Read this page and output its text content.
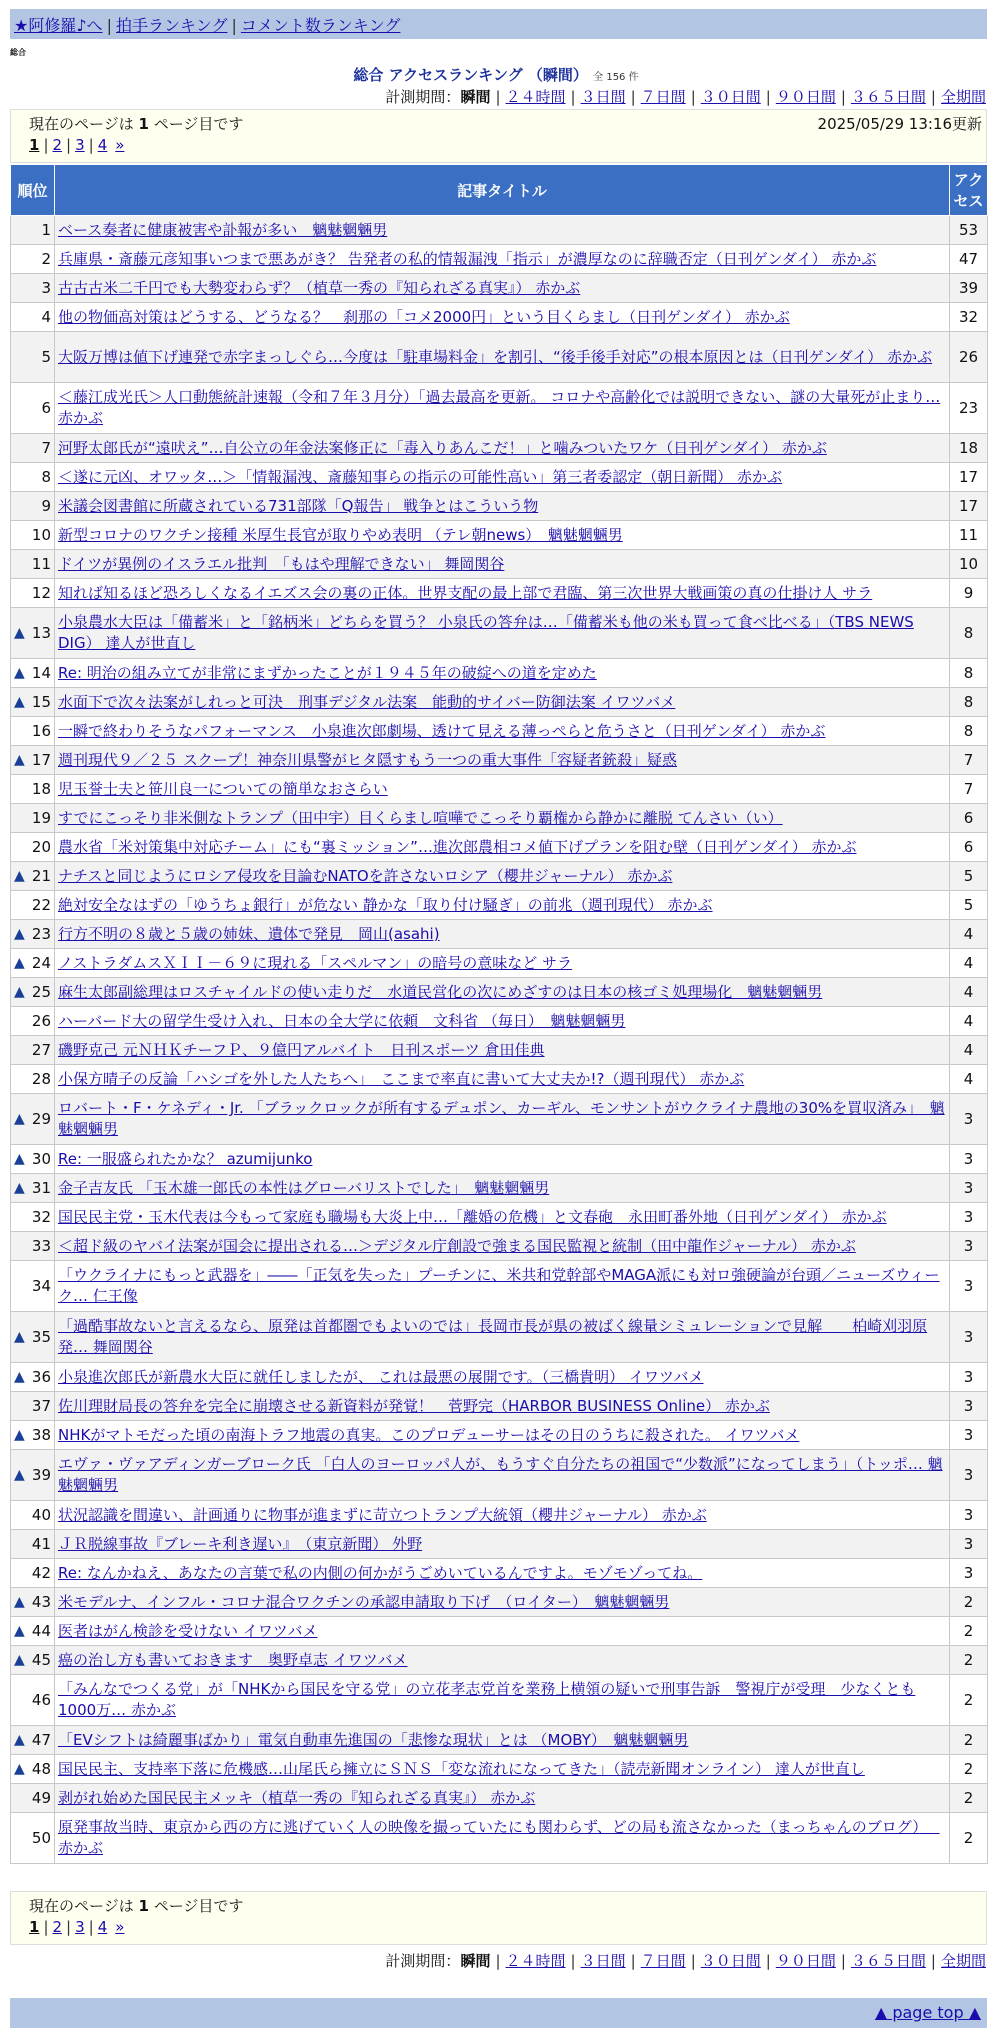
★阿修羅♪へ | 拍手ランキング | コメント数ランキング
総合
総合 アクセスランキング （瞬間） 全 156 件
計測期間：瞬間 | ２４時間 | ３日間 | ７日間 | ３０日間 | ９０日間 | ３６５日間 | 全期間
現在のページは 1 ページ目です	2025/05/29 13:16更新
1 | 2 | 3 | 4 »
順位	記事タイトル	アクセス
1	ベース奏者に健康被害や訃報が多い　魑魅魍魎男	53
2	兵庫県・斎藤元彦知事いつまで悪あがき？ 告発者の私的情報漏洩「指示」が濃厚なのに辞職否定（日刊ゲンダイ） 赤かぶ	47
3	古古古米二千円でも大勢変わらず？（植草一秀の『知られざる真実』） 赤かぶ	39
4	他の物価高対策はどうする、どうなる？　刹那の「コメ2000円」という目くらまし（日刊ゲンダイ） 赤かぶ	32
5	大阪万博は値下げ連発で赤字まっしぐら…今度は「駐車場料金」を割引、“後手後手対応”の根本原因とは（日刊ゲンダイ） 赤かぶ	26
6	＜藤江成光氏＞人口動態統計速報（令和７年３月分）「過去最高を更新。 コロナや高齢化では説明できない、謎の大量死が止まり… 赤かぶ	23
7	河野太郎氏が“遠吠え”…自公立の年金法案修正に「毒入りあんこだ！」と噛みついたワケ（日刊ゲンダイ） 赤かぶ	18
8	＜遂に元凶、オワッタ…＞「情報漏洩、斎藤知事らの指示の可能性高い」第三者委認定（朝日新聞） 赤かぶ	17
9	米議会図書館に所蔵されている731部隊「Q報告」 戦争とはこういう物	17
10	新型コロナのワクチン接種 米厚生長官が取りやめ表明 （テレ朝news）　魑魅魍魎男	11
11	ドイツが異例のイスラエル批判　「もはや理解できない」 舞岡関谷	10
12	知れば知るほど恐ろしくなるイエズス会の裏の正体。世界支配の最上部で君臨、第三次世界大戦画策の真の仕掛け人 サラ	9

▲ 13	小泉農水大臣は「備蓄米」と「銘柄米」どちらを買う？ 小泉氏の答弁は…「備蓄米も他の米も買って食べ比べる」（TBS NEWS DIG） 達人が世直し	8

▲ 14	Re: 明治の組み立てが非常にまずかったことが１９４５年の破綻への道を定めた	8

▲ 15	水面下で次々法案がしれっと可決　刑事デジタル法案　能動的サイバー防御法案 イワツバメ	8
16	一瞬で終わりそうなパフォーマンス　小泉進次郎劇場、透けて見える薄っぺらと危うさと（日刊ゲンダイ） 赤かぶ	8

▲ 17	週刊現代９／２５ スクープ！神奈川県警がヒタ隠すもう一つの重大事件「容疑者銃殺」疑惑	7
18	児玉誉士夫と笹川良一についての簡単なおさらい	7
19	すでにこっそり非米側なトランプ（田中宇）目くらまし喧嘩でこっそり覇権から静かに離脱 てんさい（い）	6
20	農水省「米対策集中対応チーム」にも“裏ミッション”…進次郎農相コメ値下げプランを阻む壁（日刊ゲンダイ） 赤かぶ	6

▲ 21	ナチスと同じようにロシア侵攻を目論むNATOを許さないロシア（櫻井ジャーナル） 赤かぶ	5
22	絶対安全なはずの「ゆうちょ銀行」が危ない 静かな「取り付け騒ぎ」の前兆（週刊現代） 赤かぶ	5

▲ 23	行方不明の８歳と５歳の姉妹、遺体で発見　岡山(asahi)	4

▲ 24	ノストラダムスＸＩＩ－６９に現れる「スペルマン」の暗号の意味など サラ	4

▲ 25	麻生太郎副総理はロスチャイルドの使い走りだ　水道民営化の次にめざすのは日本の核ゴミ処理場化　魑魅魍魎男	4
26	ハーバード大の留学生受け入れ、日本の全大学に依頼　文科省 （毎日）　魑魅魍魎男	4
27	磯野克己 元ＮＨＫチーフＰ、９億円アルバイト　日刊スポーツ 倉田佳典	4
28	小保方晴子の反論「ハシゴを外した人たちへ」　ここまで率直に書いて大丈夫か!?（週刊現代） 赤かぶ	4

▲ 29	ロバート・F・ケネディ・Jr. 「ブラックロックが所有するデュポン、カーギル、モンサントがウクライナ農地の30%を買収済み」　魑魅魍魎男	3

▲ 30	Re: 一服盛られたかな？ azumijunko	3

▲ 31	金子吉友氏 「玉木雄一郎氏の本性はグローバリストでした」　魑魅魍魎男	3
32	国民民主党・玉木代表は今もって家庭も職場も大炎上中…「離婚の危機」と文春砲　永田町番外地（日刊ゲンダイ） 赤かぶ	3
33	＜超ド級のヤバイ法案が国会に提出される…＞デジタル庁創設で強まる国民監視と統制（田中龍作ジャーナル） 赤かぶ	3
34	「ウクライナにもっと武器を」――「正気を失った」プーチンに、米共和党幹部やMAGA派にも対ロ強硬論が台頭／ニューズウィーク… 仁王像	3

▲ 35	「過酷事故ないと言えるなら、原発は首都圏でもよいのでは」長岡市長が県の被ばく線量シミュレーションで見解　　柏崎刈羽原発… 舞岡関谷	3

▲ 36	小泉進次郎氏が新農水大臣に就任しましたが、 これは最悪の展開です。（三橋貴明） イワツバメ	3
37	佐川理財局長の答弁を完全に崩壊させる新資料が発覚！　菅野完（HARBOR BUSINESS Online） 赤かぶ	3

▲ 38	NHKがマトモだった頃の南海トラフ地震の真実。このプロデューサーはその日のうちに殺された。 イワツバメ	3

▲ 39	エヴァ・ヴァアディンガーブローク氏 「白人のヨーロッパ人が、もうすぐ自分たちの祖国で“少数派”になってしまう」（トッポ… 魑魅魍魎男	3
40	状況認識を間違い、計画通りに物事が進まずに苛立つトランプ大統領（櫻井ジャーナル） 赤かぶ	3
41	ＪＲ脱線事故『ブレーキ利き遅い』　（東京新聞） 外野	3
42	Re: なんかねえ、あなたの言葉で私の内側の何かがうごめいているんですよ。モゾモゾってね。	3

▲ 43	米モデルナ、インフル・コロナ混合ワクチンの承認申請取り下げ　（ロイター）　魑魅魍魎男	2

▲ 44	医者はがん検診を受けない イワツバメ	2

▲ 45	癌の治し方も書いておきます　奥野卓志 イワツバメ	2
46	「みんなでつくる党」が「NHKから国民を守る党」の立花孝志党首を業務上横領の疑いで刑事告訴　警視庁が受理　少なくとも1000万… 赤かぶ	2

▲ 47	「EVシフトは綺麗事ばかり」電気自動車先進国の「悲惨な現状」とは （MOBY）　魑魅魍魎男	2

▲ 48	国民民主、支持率下落に危機感…山尾氏ら擁立にＳＮＳ「変な流れになってきた」（読売新聞オンライン） 達人が世直し	2
49	剥がれ始めた国民民主メッキ（植草一秀の『知られざる真実』） 赤かぶ	2
50	原発事故当時、東京から西の方に逃げていく人の映像を撮っていたにも関わらず、どの局も流さなかった（まっちゃんのブログ）　 赤かぶ	2
現在のページは 1 ページ目です
1 | 2 | 3 | 4 »
計測期間：瞬間 | ２４時間 | ３日間 | ７日間 | ３０日間 | ９０日間 | ３６５日間 | 全期間
▲ page top ▲
